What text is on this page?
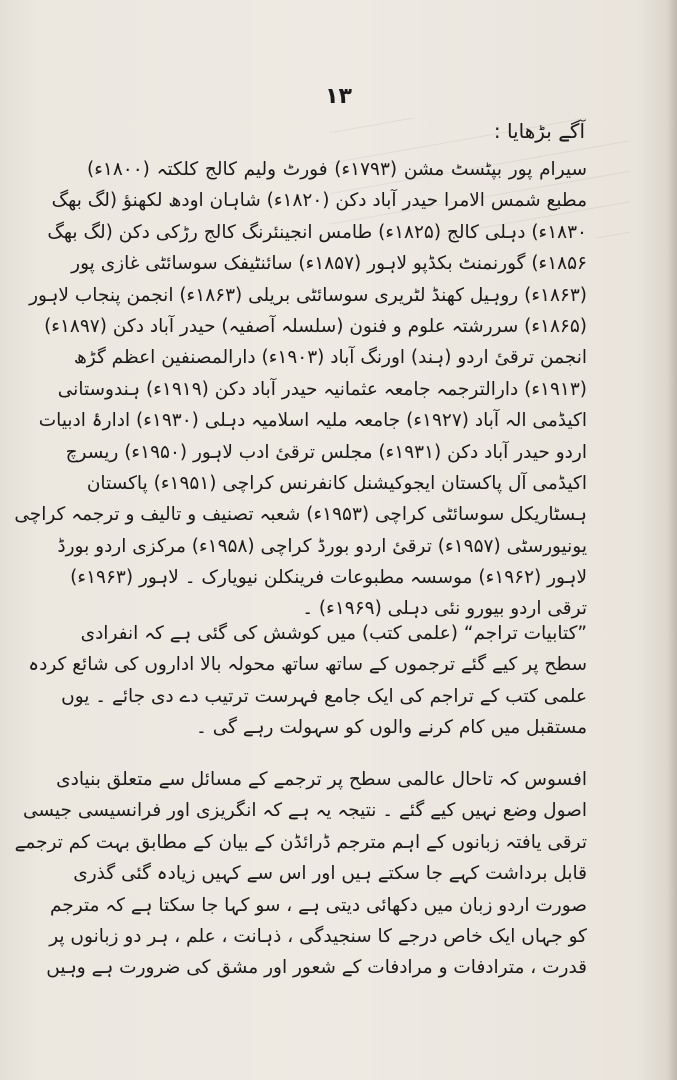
۱۳
آگے بڑھایا :
سیرام پور بپٹسٹ مشن (۱۷۹۳ء) فورٹ ولیم کالج کلکتہ (۱۸۰۰ء)
مطبع شمس الامرا حیدر آباد دکن (۱۸۲۰ء) شاہان اودھ لکھنؤ (لگ بھگ
۱۸۳۰ء) دہلی کالج (۱۸۲۵ء) طامس انجینئرنگ کالج رڑکی دکن (لگ بھگ
۱۸۵۶ء) گورنمنٹ بکڈپو لاہور (۱۸۵۷ء) سائنٹیفک سوسائٹی غازی پور
(۱۸۶۳ء) روہیل کھنڈ لٹریری سوسائٹی بریلی (۱۸۶۳ء) انجمن پنجاب لاہور
(۱۸۶۵ء) سررشتہ علوم و فنون (سلسلہ آصفیہ) حیدر آباد دکن (۱۸۹۷ء)
انجمن ترقیٔ اردو (ہند) اورنگ آباد (۱۹۰۳ء) دارالمصنفین اعظم گڑھ
(۱۹۱۳ء) دارالترجمہ جامعہ عثمانیہ حیدر آباد دکن (۱۹۱۹ء) ہندوستانی
اکیڈمی الہ آباد (۱۹۲۷ء) جامعہ ملیہ اسلامیہ دہلی (۱۹۳۰ء) ادارۂ ادبیات
اردو حیدر آباد دکن (۱۹۳۱ء) مجلس ترقیٔ ادب لاہور (۱۹۵۰ء) ریسرچ
اکیڈمی آل پاکستان ایجوکیشنل کانفرنس کراچی (۱۹۵۱ء) پاکستان
ہسٹاریکل سوسائٹی کراچی (۱۹۵۳ء) شعبہ تصنیف و تالیف و ترجمہ کراچی
یونیورسٹی (۱۹۵۷ء) ترقیٔ اردو بورڈ کراچی (۱۹۵۸ء) مرکزی اردو بورڈ
لاہور (۱۹۶۲ء) موسسہ مطبوعات فرینکلن نیویارک ۔ لاہور (۱۹۶۳ء)
ترقی اردو بیورو نئی دہلی (۱۹۶۹ء) ۔
”کتابیات تراجم“ (علمی کتب) میں کوشش کی گئی ہے کہ انفرادی
سطح پر کیے گئے ترجموں کے ساتھ ساتھ محولہ بالا اداروں کی شائع کردہ
علمی کتب کے تراجم کی ایک جامع فہرست ترتیب دے دی جائے ۔ یوں
مستقبل میں کام کرنے والوں کو سہولت رہے گی ۔
افسوس کہ تاحال عالمی سطح پر ترجمے کے مسائل سے متعلق بنیادی
اصول وضع نہیں کیے گئے ۔ نتیجہ یہ ہے کہ انگریزی اور فرانسیسی جیسی
ترقی یافتہ زبانوں کے اہم مترجم ڈرائڈن کے بیان کے مطابق بہت کم ترجمے
قابل برداشت کہے جا سکتے ہیں اور اس سے کہیں زیادہ گئی گذری
صورت اردو زبان میں دکھائی دیتی ہے ، سو کہا جا سکتا ہے کہ مترجم
کو جہاں ایک خاص درجے کا سنجیدگی ، ذہانت ، علم ، ہر دو زبانوں پر
قدرت ، مترادفات و مرادفات کے شعور اور مشق کی ضرورت ہے وہیں
